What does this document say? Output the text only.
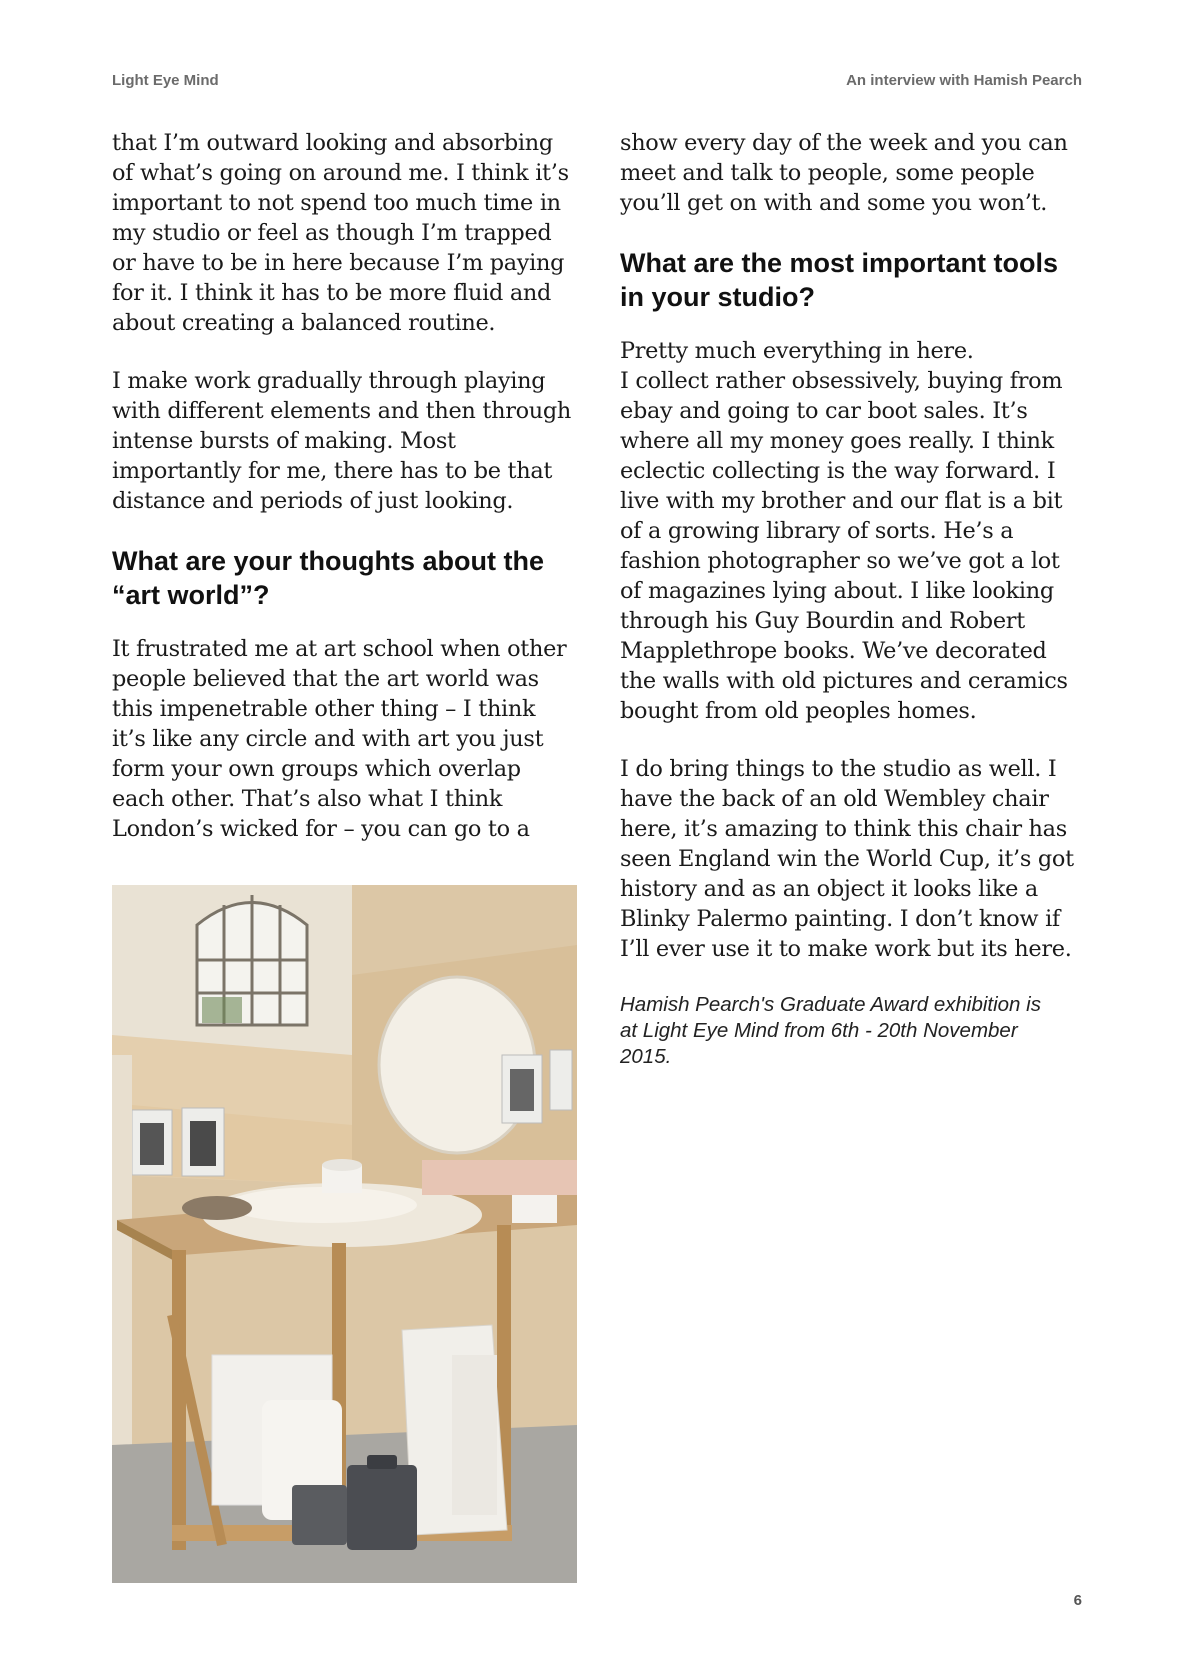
Light Eye Mind	An interview with Hamish Pearch

that I’m outward looking and absorbing
of what’s going on around me. I think it’s
important to not spend too much time in
my studio or feel as though I’m trapped
or have to be in here because I’m paying
for it. I think it has to be more fluid and
about creating a balanced routine.

I make work gradually through playing
with different elements and then through
intense bursts of making. Most
importantly for me, there has to be that
distance and periods of just looking.

What are your thoughts about the
“art world”?

It frustrated me at art school when other
people believed that the art world was
this impenetrable other thing – I think
it’s like any circle and with art you just
form your own groups which overlap
each other. That’s also what I think
London’s wicked for – you can go to a

show every day of the week and you can
meet and talk to people, some people
you’ll get on with and some you won’t.

What are the most important tools
in your studio?

Pretty much everything in here.
I collect rather obsessively, buying from
ebay and going to car boot sales. It’s
where all my money goes really. I think
eclectic collecting is the way forward. I
live with my brother and our flat is a bit
of a growing library of sorts. He’s a
fashion photographer so we’ve got a lot
of magazines lying about. I like looking
through his Guy Bourdin and Robert
Mapplethrope books. We’ve decorated
the walls with old pictures and ceramics
bought from old peoples homes.

I do bring things to the studio as well. I
have the back of an old Wembley chair
here, it’s amazing to think this chair has
seen England win the World Cup, it’s got
history and as an object it looks like a
Blinky Palermo painting. I don’t know if
I’ll ever use it to make work but its here.

Hamish Pearch's Graduate Award exhibition is
at Light Eye Mind from 6th - 20th November
2015.

6
